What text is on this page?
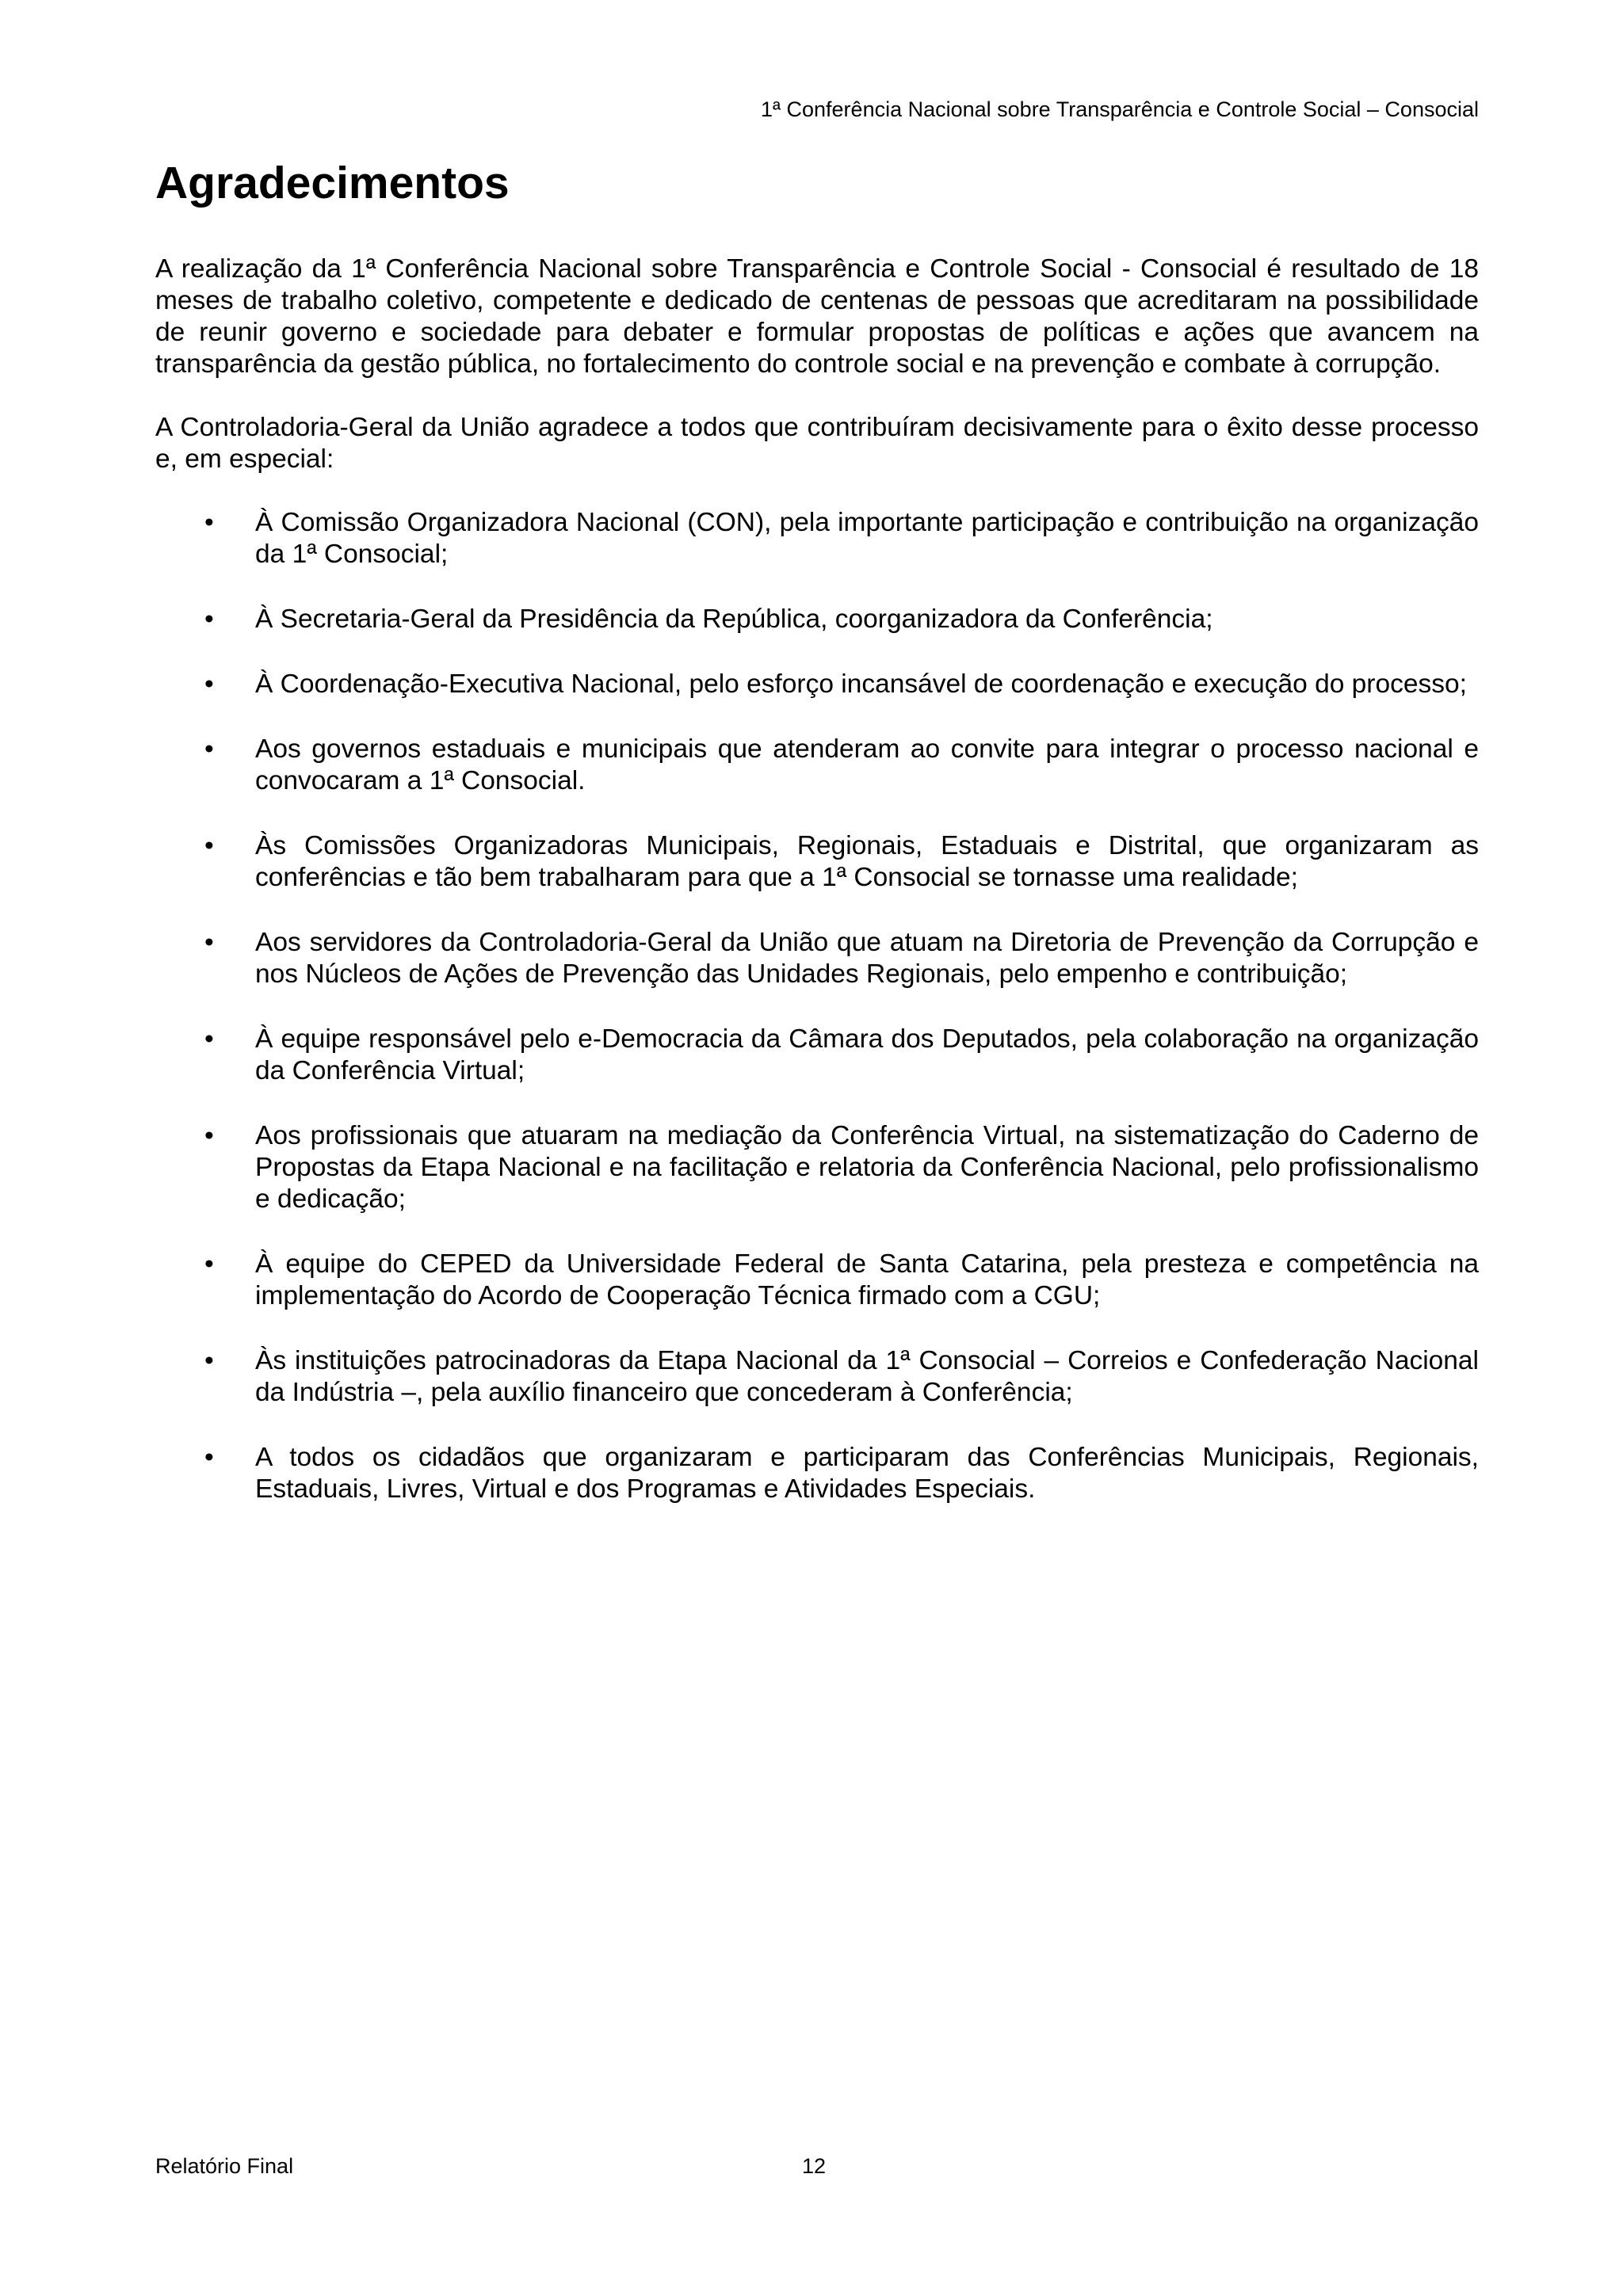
1ª Conferência Nacional sobre Transparência e Controle Social – Consocial
Agradecimentos

A realização da 1ª Conferência Nacional sobre Transparência e Controle Social - Consocial é resultado de 18 meses de trabalho coletivo, competente e dedicado de centenas de pessoas que acreditaram na possibilidade de reunir governo e sociedade para debater e formular propostas de políticas e ações que avancem na transparência da gestão pública, no fortalecimento do controle social e na prevenção e combate à corrupção.

A Controladoria-Geral da União agradece a todos que contribuíram decisivamente para o êxito desse processo e, em especial:

• À Comissão Organizadora Nacional (CON), pela importante participação e contribuição na organização da 1ª Consocial;
• À Secretaria-Geral da Presidência da República, coorganizadora da Conferência;
• À Coordenação-Executiva Nacional, pelo esforço incansável de coordenação e execução do processo;
• Aos governos estaduais e municipais que atenderam ao convite para integrar o processo nacional e convocaram a 1ª Consocial.
• Às Comissões Organizadoras Municipais, Regionais, Estaduais e Distrital, que organizaram as conferências e tão bem trabalharam para que a 1ª Consocial se tornasse uma realidade;
• Aos servidores da Controladoria-Geral da União que atuam na Diretoria de Prevenção da Corrupção e nos Núcleos de Ações de Prevenção das Unidades Regionais, pelo empenho e contribuição;
• À equipe responsável pelo e-Democracia da Câmara dos Deputados, pela colaboração na organização da Conferência Virtual;
• Aos profissionais que atuaram na mediação da Conferência Virtual, na sistematização do Caderno de Propostas da Etapa Nacional e na facilitação e relatoria da Conferência Nacional, pelo profissionalismo e dedicação;
• À equipe do CEPED da Universidade Federal de Santa Catarina, pela presteza e competência na implementação do Acordo de Cooperação Técnica firmado com a CGU;
• Às instituições patrocinadoras da Etapa Nacional da 1ª Consocial – Correios e Confederação Nacional da Indústria –, pela auxílio financeiro que concederam à Conferência;
• A todos os cidadãos que organizaram e participaram das Conferências Municipais, Regionais, Estaduais, Livres, Virtual e dos Programas e Atividades Especiais.
Relatório Final	12
